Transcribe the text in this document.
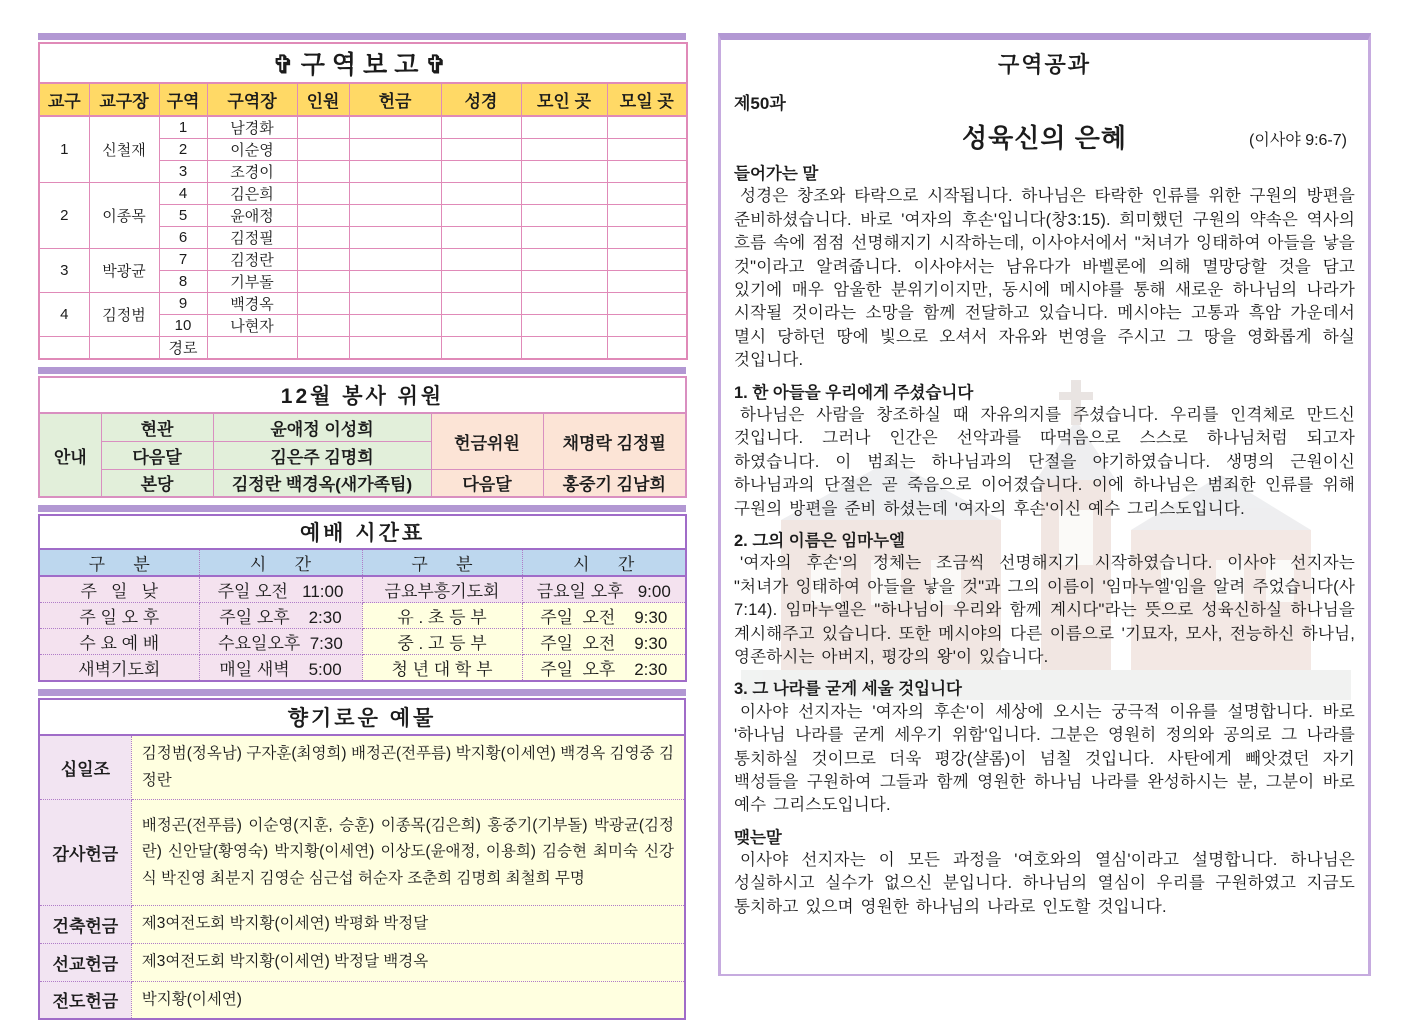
✞구역보고✞								
교구	교구장	구역	구역장	인원	헌금	성경	모인 곳	모일 곳
1	신철재	1	남경화					
		2	이순영					
		3	조경이					
2	이종목	4	김은희					
		5	윤애정					
		6	김정필					
3	박광균	7	김정란					
		8	기부돌					
4	김정범	9	백경옥					
		10	나현자					
		경로						
12월 봉사 위원				
안내	현관	윤애정 이성희	헌금위원	채명락 김정필
	다음달	김은주 김명희		
	본당	김정란 백경옥(새가족팀)	다음달	홍중기 김남희
예배 시간표			
구      분	시      간	구      분	시      간
주   일   낮	주일 오전   11:00	금요부흥기도회	금요일 오후   9:00
주 일 오 후	주일 오후    2:30	유 . 초 등 부	주일  오전    9:30
수 요 예 배	수요일오후  7:30	중 . 고 등 부	주일  오전    9:30
새벽기도회	매일 새벽    5:00	청 년 대 학 부	주일  오후    2:30
향기로운 예물	
십일조	김정범(정옥남) 구자훈(최영희) 배정곤(전푸름) 박지황(이세연) 백경옥 김영중 김정란
감사헌금	배정곤(전푸름) 이순영(지훈, 승훈) 이종목(김은희) 홍중기(기부돌) 박광균(김정란) 신안달(황영숙) 박지황(이세연) 이상도(윤애정, 이용희) 김승현 최미숙 신강식 박진영 최분지 김영순 심근섭 허순자 조춘희 김명희 최철희 무명
건축헌금	제3여전도회 박지황(이세연) 박평화 박정달
선교헌금	제3여전도회 박지황(이세연) 박정달 백경옥
전도헌금	박지황(이세연)
구역공과
제50과
성육신의 은혜	(이사야 9:6-7)
들어가는 말
성경은 창조와 타락으로 시작됩니다. 하나님은 타락한 인류를 위한 구원의 방편을 준비하셨습니다. 바로 '여자의 후손'입니다(창3:15). 희미했던 구원의 약속은 역사의 흐름 속에 점점 선명해지기 시작하는데, 이사야서에서 "처녀가 잉태하여 아들을 낳을 것"이라고 알려줍니다. 이사야서는 남유다가 바벨론에 의해 멸망당할 것을 담고 있기에 매우 암울한 분위기이지만, 동시에 메시야를 통해 새로운 하나님의 나라가 시작될 것이라는 소망을 함께 전달하고 있습니다. 메시야는 고통과 흑암 가운데서 멸시 당하던 땅에 빛으로 오셔서 자유와 번영을 주시고 그 땅을 영화롭게 하실 것입니다.
1. 한 아들을 우리에게 주셨습니다
하나님은 사람을 창조하실 때 자유의지를 주셨습니다. 우리를 인격체로 만드신 것입니다. 그러나 인간은 선악과를 따먹음으로 스스로 하나님처럼 되고자 하였습니다. 이 범죄는 하나님과의 단절을 야기하였습니다. 생명의 근원이신 하나님과의 단절은 곧 죽음으로 이어졌습니다. 이에 하나님은 범죄한 인류를 위해 구원의 방편을 준비 하셨는데 '여자의 후손'이신 예수 그리스도입니다.
2. 그의 이름은 임마누엘
'여자의 후손'의 정체는 조금씩 선명해지기 시작하였습니다. 이사야 선지자는 "처녀가 잉태하여 아들을 낳을 것"과 그의 이름이 '임마누엘'임을 알려 주었습니다(사 7:14). 임마누엘은 "하나님이 우리와 함께 계시다"라는 뜻으로 성육신하실 하나님을 계시해주고 있습니다. 또한 메시야의 다른 이름으로 '기묘자, 모사, 전능하신 하나님, 영존하시는 아버지, 평강의 왕'이 있습니다.
3. 그 나라를 굳게 세울 것입니다
이사야 선지자는 '여자의 후손'이 세상에 오시는 궁극적 이유를 설명합니다. 바로 '하나님 나라를 굳게 세우기 위함'입니다. 그분은 영원히 정의와 공의로 그 나라를 통치하실 것이므로 더욱 평강(샬롬)이 넘칠 것입니다. 사탄에게 빼앗겼던 자기 백성들을 구원하여 그들과 함께 영원한 하나님 나라를 완성하시는 분, 그분이 바로 예수 그리스도입니다.
맺는말
이사야 선지자는 이 모든 과정을 '여호와의 열심'이라고 설명합니다. 하나님은 성실하시고 실수가 없으신 분입니다. 하나님의 열심이 우리를 구원하였고 지금도 통치하고 있으며 영원한 하나님의 나라로 인도할 것입니다.
